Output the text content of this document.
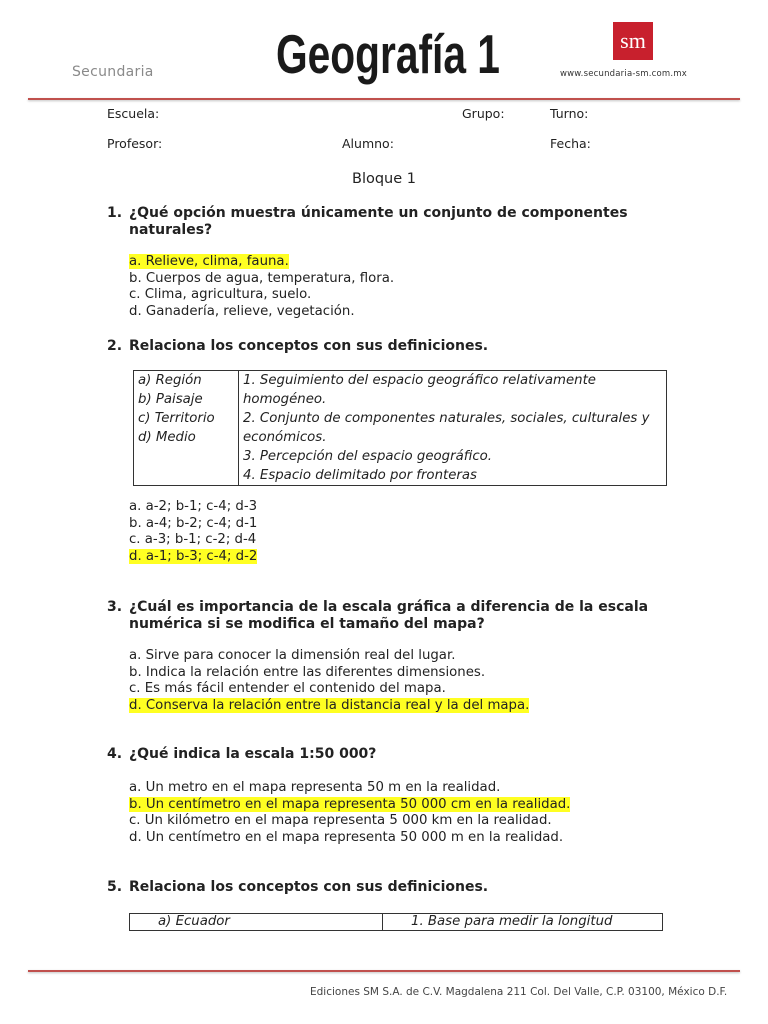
Secundaria Geografía 1	sm
www.secundaria-sm.com.mx
Escuela:	Grupo:	Turno:
Profesor:	Alumno:	Fecha:
Bloque 1
1. ¿Qué opción muestra únicamente un conjunto de componentes naturales?
a. Relieve, clima, fauna.
b. Cuerpos de agua, temperatura, flora.
c. Clima, agricultura, suelo.
d. Ganadería, relieve, vegetación.
2. Relaciona los conceptos con sus definiciones.
a) Región
b) Paisaje
c) Territorio
d) Medio

1. Seguimiento del espacio geográfico relativamente homogéneo.
2. Conjunto de componentes naturales, sociales, culturales y económicos.
3. Percepción del espacio geográfico.
4. Espacio delimitado por fronteras
a. a-2; b-1; c-4; d-3
b. a-4; b-2; c-4; d-1
c. a-3; b-1; c-2; d-4
d. a-1; b-3; c-4; d-2
3. ¿Cuál es importancia de la escala gráfica a diferencia de la escala numérica si se modifica el tamaño del mapa?
a. Sirve para conocer la dimensión real del lugar.
b. Indica la relación entre las diferentes dimensiones.
c. Es más fácil entender el contenido del mapa.
d. Conserva la relación entre la distancia real y la del mapa.
4. ¿Qué indica la escala 1:50 000?
a. Un metro en el mapa representa 50 m en la realidad.
b. Un centímetro en el mapa representa 50 000 cm en la realidad.
c. Un kilómetro en el mapa representa 5 000 km en la realidad.
d. Un centímetro en el mapa representa 50 000 m en la realidad.
5. Relaciona los conceptos con sus definiciones.
a) Ecuador	1. Base para medir la longitud
Ediciones SM S.A. de C.V. Magdalena 211 Col. Del Valle, C.P. 03100, México D.F.
